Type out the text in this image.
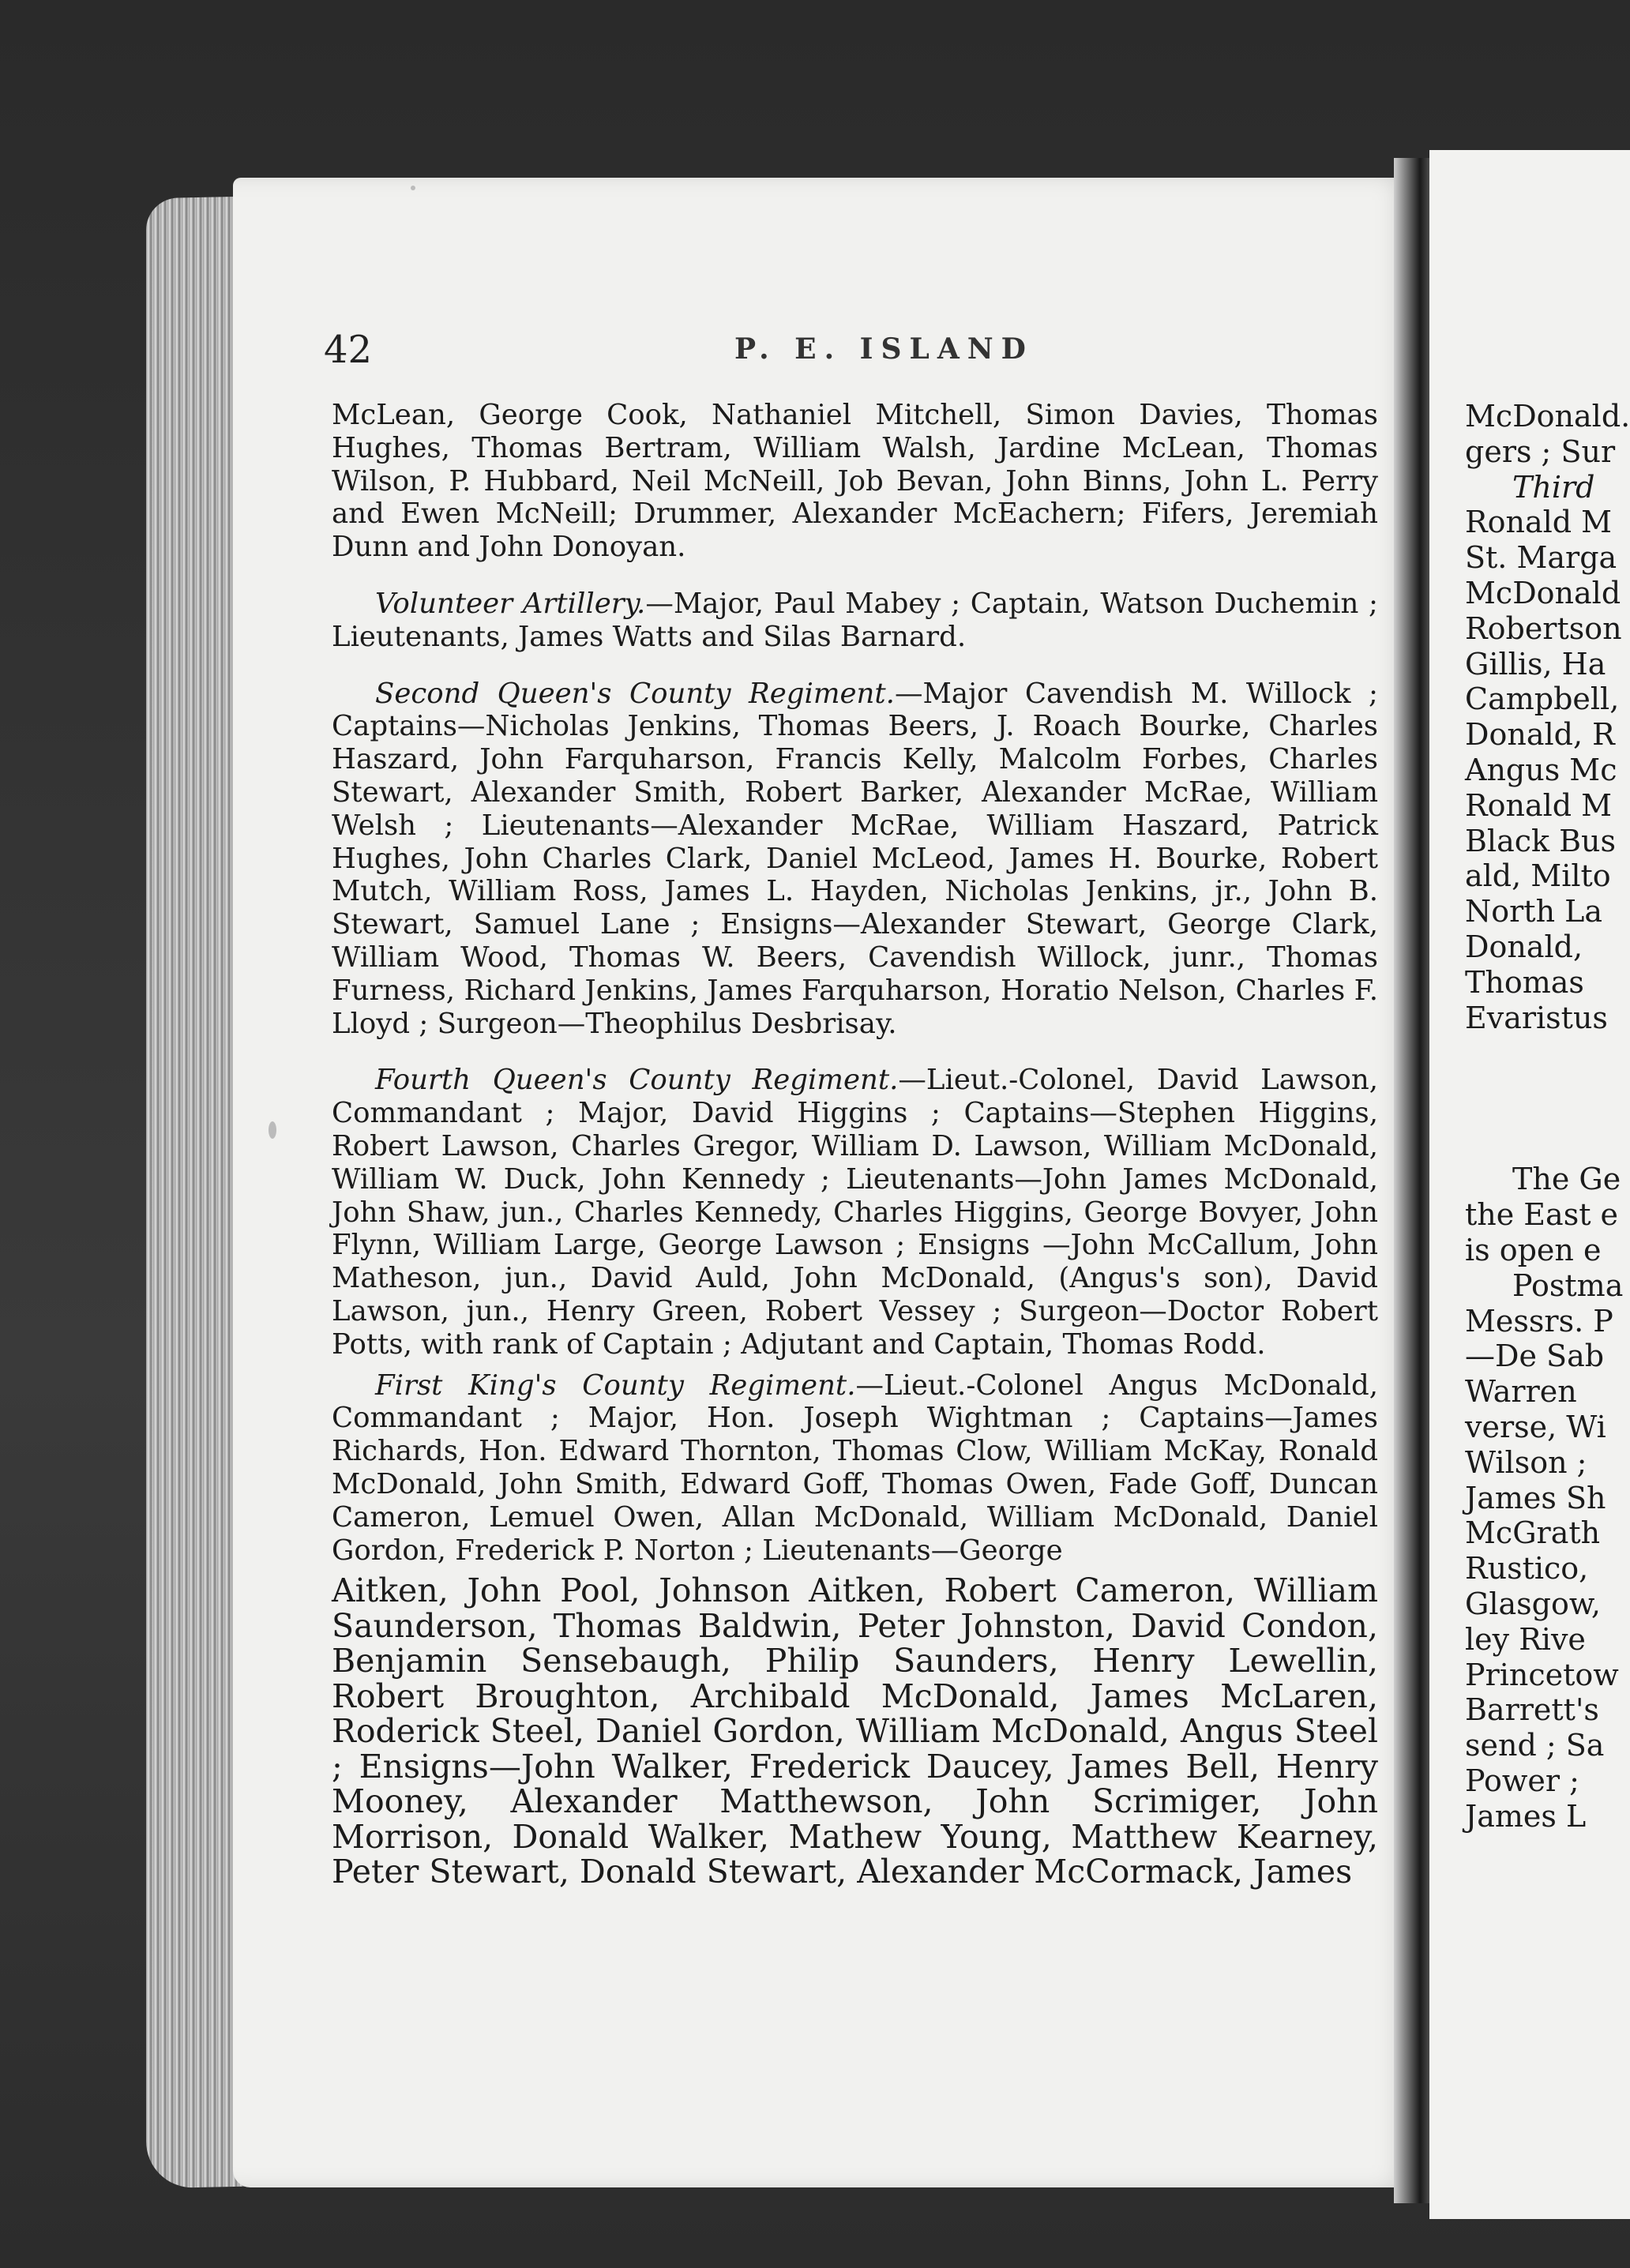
42	P. E. ISLAND

McLean, George Cook, Nathaniel Mitchell, Simon Davies, Thomas Hughes, Thomas Bertram, William Walsh, Jardine McLean, Thomas Wilson, P. Hubbard, Neil McNeill, Job Bevan, John Binns, John L. Perry and Ewen McNeill; Drummer, Alexander McEachern; Fifers, Jeremiah Dunn and John Donoyan.

Volunteer Artillery.—Major, Paul Mabey ; Captain, Watson Duchemin ; Lieutenants, James Watts and Silas Barnard.

Second Queen's County Regiment.—Major Cavendish M. Willock ; Captains—Nicholas Jenkins, Thomas Beers, J. Roach Bourke, Charles Haszard, John Farquharson, Francis Kelly, Malcolm Forbes, Charles Stewart, Alexander Smith, Robert Barker, Alexander McRae, William Welsh ; Lieutenants—Alexander McRae, William Haszard, Patrick Hughes, John Charles Clark, Daniel McLeod, James H. Bourke, Robert Mutch, William Ross, James L. Hayden, Nicholas Jenkins, jr., John B. Stewart, Samuel Lane ; Ensigns—Alexander Stewart, George Clark, William Wood, Thomas W. Beers, Cavendish Willock, junr., Thomas Furness, Richard Jenkins, James Farquharson, Horatio Nelson, Charles F. Lloyd ; Surgeon—Theophilus Desbrisay.

Fourth Queen's County Regiment.—Lieut.-Colonel, David Lawson, Commandant ; Major, David Higgins ; Captains—Stephen Higgins, Robert Lawson, Charles Gregor, William D. Lawson, William McDonald, William W. Duck, John Kennedy ; Lieutenants—John James McDonald, John Shaw, jun., Charles Kennedy, Charles Higgins, George Bovyer, John Flynn, William Large, George Lawson ; Ensigns —John McCallum, John Matheson, jun., David Auld, John McDonald, (Angus's son), David Lawson, jun., Henry Green, Robert Vessey ; Surgeon—Doctor Robert Potts, with rank of Captain ; Adjutant and Captain, Thomas Rodd.

First King's County Regiment.—Lieut.-Colonel Angus McDonald, Commandant ; Major, Hon. Joseph Wightman ; Captains—James Richards, Hon. Edward Thornton, Thomas Clow, William McKay, Ronald McDonald, John Smith, Edward Goff, Thomas Owen, Fade Goff, Duncan Cameron, Lemuel Owen, Allan McDonald, William McDonald, Daniel Gordon, Frederick P. Norton ; Lieutenants—George

Aitken, John Pool, Johnson Aitken, Robert Cameron, William Saunderson, Thomas Baldwin, Peter Johnston, David Condon, Benjamin Sensebaugh, Philip Saunders, Henry Lewellin, Robert Broughton, Archibald McDonald, James McLaren, Roderick Steel, Daniel Gordon, William McDonald, Angus Steel ; Ensigns—John Walker, Frederick Daucey, James Bell, Henry Mooney, Alexander Matthewson, John Scrimiger, John Morrison, Donald Walker, Mathew Young, Matthew Kearney, Peter Stewart, Donald Stewart, Alexander McCormack, James

McDonald.
gers ; Sur
Third
Ronald M
St. Marga
McDonald
Robertson
Gillis, Ha
Campbell,
Donald, R
Angus Mc
Ronald M
Black Bus
ald, Milto
North La
Donald,
Thomas
Evaristus
The Ge
the East e
is open e
Postma
Messrs. P
—De Sab
Warren
verse, Wi
Wilson ;
James Sh
McGrath
Rustico,
Glasgow,
ley Rive
Princetow
Barrett's
send ; Sa
Power ;
James L
